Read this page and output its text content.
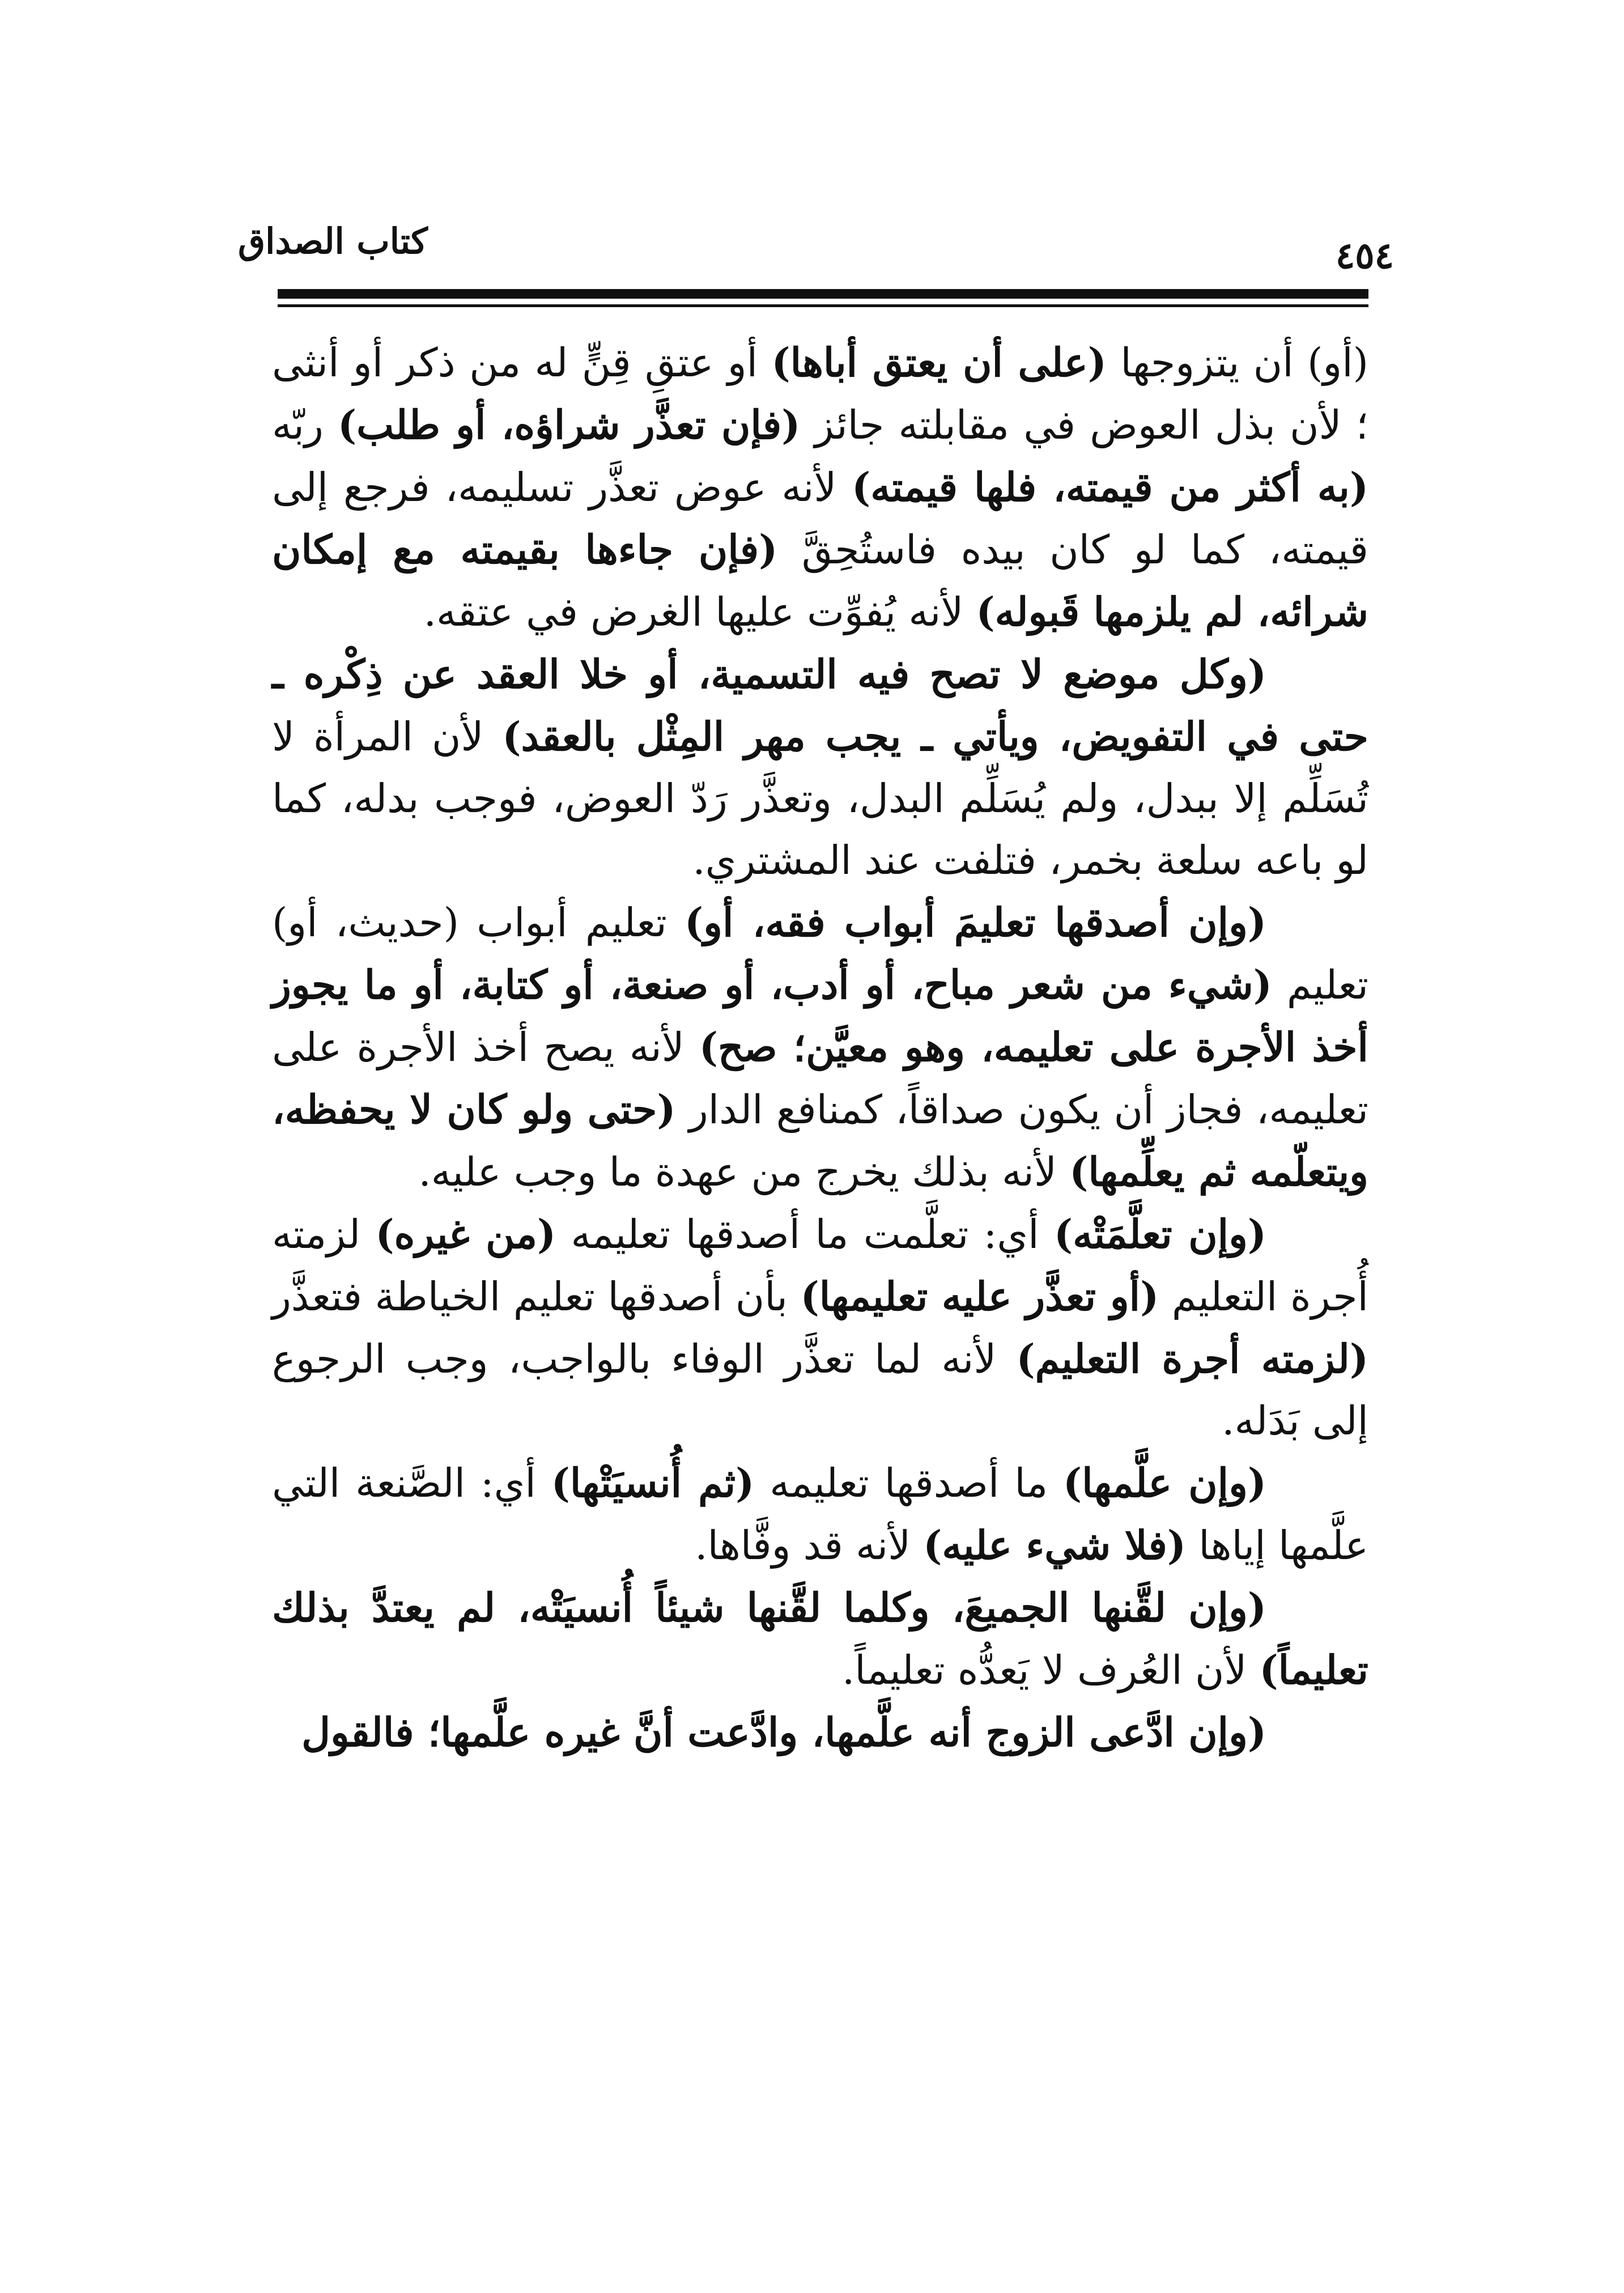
كتاب الصداق	٤٥٤

(أو) أن يتزوجها (على أن يعتق أباها) أو عتقِ قِنٍّ له من ذكر أو أنثى ؛ لأن بذل العوض في مقابلته جائز (فإن تعذَّر شراؤه، أو طلب) ربّه (به أكثر من قيمته، فلها قيمته) لأنه عوض تعذَّر تسليمه، فرجع إلى قيمته، كما لو كان بيده فاستُحِقَّ (فإن جاءها بقيمته مع إمكان شرائه، لم يلزمها قَبوله) لأنه يُفوِّت عليها الغرض في عتقه.

(وكل موضع لا تصح فيه التسمية، أو خلا العقد عن ذِكْره ـ حتى في التفويض، ويأتي ـ يجب مهر المِثْل بالعقد) لأن المرأة لا تُسَلِّم إلا ببدل، ولم يُسَلِّم البدل، وتعذَّر رَدّ العوض، فوجب بدله، كما لو باعه سلعة بخمر، فتلفت عند المشتري.

(وإن أصدقها تعليمَ أبواب فقه، أو) تعليم أبواب (حديث، أو) تعليم (شيء من شعر مباح، أو أدب، أو صنعة، أو كتابة، أو ما يجوز أخذ الأجرة على تعليمه، وهو معيَّن؛ صح) لأنه يصح أخذ الأجرة على تعليمه، فجاز أن يكون صداقاً، كمنافع الدار (حتى ولو كان لا يحفظه، ويتعلّمه ثم يعلِّمها) لأنه بذلك يخرج من عهدة ما وجب عليه.

(وإن تعلَّمَتْه) أي: تعلَّمت ما أصدقها تعليمه (من غيره) لزمته أُجرة التعليم (أو تعذَّر عليه تعليمها) بأن أصدقها تعليم الخياطة فتعذَّر (لزمته أجرة التعليم) لأنه لما تعذَّر الوفاء بالواجب، وجب الرجوع إلى بَدَله.

(وإن علَّمها) ما أصدقها تعليمه (ثم أُنسيَتْها) أي: الصَّنعة التي علَّمها إياها (فلا شيء عليه) لأنه قد وفَّاها.

(وإن لقَّنها الجميعَ، وكلما لقَّنها شيئاً أُنسيَتْه، لم يعتدَّ بذلك تعليماً) لأن العُرف لا يَعدُّه تعليماً.

(وإن ادَّعى الزوج أنه علَّمها، وادَّعت أنَّ غيره علَّمها؛ فالقول
